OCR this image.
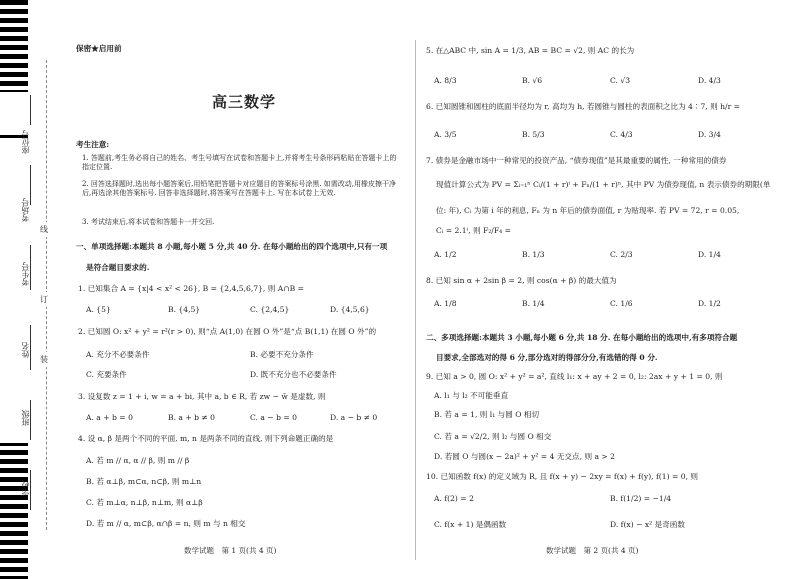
座位号
考场号
考生号
姓名
班级
学校
线
订
装
保密★启用前
高三数学
考生注意:
1. 答题前,考生务必将自己的姓名、考生号填写在试卷和答题卡上,并将考生号条形码粘贴在答题卡上的指定位置.
2. 回答选择题时,选出每小题答案后,用铅笔把答题卡对应题目的答案标号涂黑. 如需改动,用橡皮擦干净后,再选涂其他答案标号. 回答非选择题时,将答案写在答题卡上. 写在本试卷上无效.
3. 考试结束后,将本试卷和答题卡一并交回.
一、单项选择题:本题共 8 小题,每小题 5 分,共 40 分. 在每小题给出的四个选项中,只有一项
是符合题目要求的.
1. 已知集合 A = {x|4 < x² < 26}, B = {2,4,5,6,7}, 则 A∩B =
A. {5}	B. {4,5}	C. {2,4,5}	D. {4,5,6}
2. 已知圆 O: x² + y² = r²(r > 0), 则“点 A(1,0) 在圆 O 外”是“点 B(1,1) 在圆 O 外”的
A. 充分不必要条件	B. 必要不充分条件
C. 充要条件	D. 既不充分也不必要条件
3. 设复数 z = 1 + i, w = a + bi, 其中 a, b ∈ R, 若 zw − w̄ 是虚数, 则
A. a + b = 0	B. a + b ≠ 0	C. a − b = 0	D. a − b ≠ 0
4. 设 α, β 是两个不同的平面, m, n 是两条不同的直线, 则下列命题正确的是
A. 若 m // α, α // β, 则 m // β
B. 若 α⊥β, m⊂α, n⊂β, 则 m⊥n
C. 若 m⊥α, n⊥β, n⊥m, 则 α⊥β
D. 若 m // α, m⊂β, α∩β = n, 则 m 与 n 相交
数学试题　第 1 页(共 4 页)
5. 在△ABC 中, sin A = 1/3, AB = BC = √2, 则 AC 的长为
A. 8/3	B. √6	C. √3	D. 4/3
6. 已知圆锥和圆柱的底面半径均为 r, 高均为 h, 若圆锥与圆柱的表面积之比为 4∶7, 则 h/r =
A. 3/5	B. 5/3	C. 4/3	D. 3/4
7. 债券是金融市场中一种常见的投资产品, “债券现值”是其最重要的属性, 一种常用的债券
现值计算公式为 PV = Σᵢ₌₁ⁿ Cᵢ/(1 + r)ⁱ + Fₙ/(1 + r)ⁿ, 其中 PV 为债券现值, n 表示债券的期限(单
位: 年), Cᵢ 为第 i 年的利息, Fₙ 为 n 年后的债券面值, r 为贴现率. 若 PV = 72, r = 0.05,
Cᵢ = 2.1ⁱ, 则 F₂/F₄ =
A. 1/2	B. 1/3	C. 2/3	D. 1/4
8. 已知 sin α + 2sin β = 2, 则 cos(α + β) 的最大值为
A. 1/8	B. 1/4	C. 1/6	D. 1/2
二、多项选择题:本题共 3 小题,每小题 6 分,共 18 分. 在每小题给出的选项中,有多项符合题
目要求,全部选对的得 6 分,部分选对的得部分分,有选错的得 0 分.
9. 已知 a > 0, 圆 O: x² + y² = a², 直线 l₁: x + ay + 2 = 0, l₂: 2ax + y + 1 = 0, 则
A. l₁ 与 l₂ 不可能垂直
B. 若 a = 1, 则 l₁ 与圆 O 相切
C. 若 a = √2/2, 则 l₂ 与圆 O 相交
D. 若圆 O 与圆(x − 2a)² + y² = 4 无交点, 则 a > 2
10. 已知函数 f(x) 的定义域为 R, 且 f(x + y) − 2xy = f(x) + f(y), f(1) = 0, 则
A. f(2) = 2	B. f(1/2) = −1/4
C. f(x + 1) 是偶函数	D. f(x) − x² 是奇函数
数学试题　第 2 页(共 4 页)
